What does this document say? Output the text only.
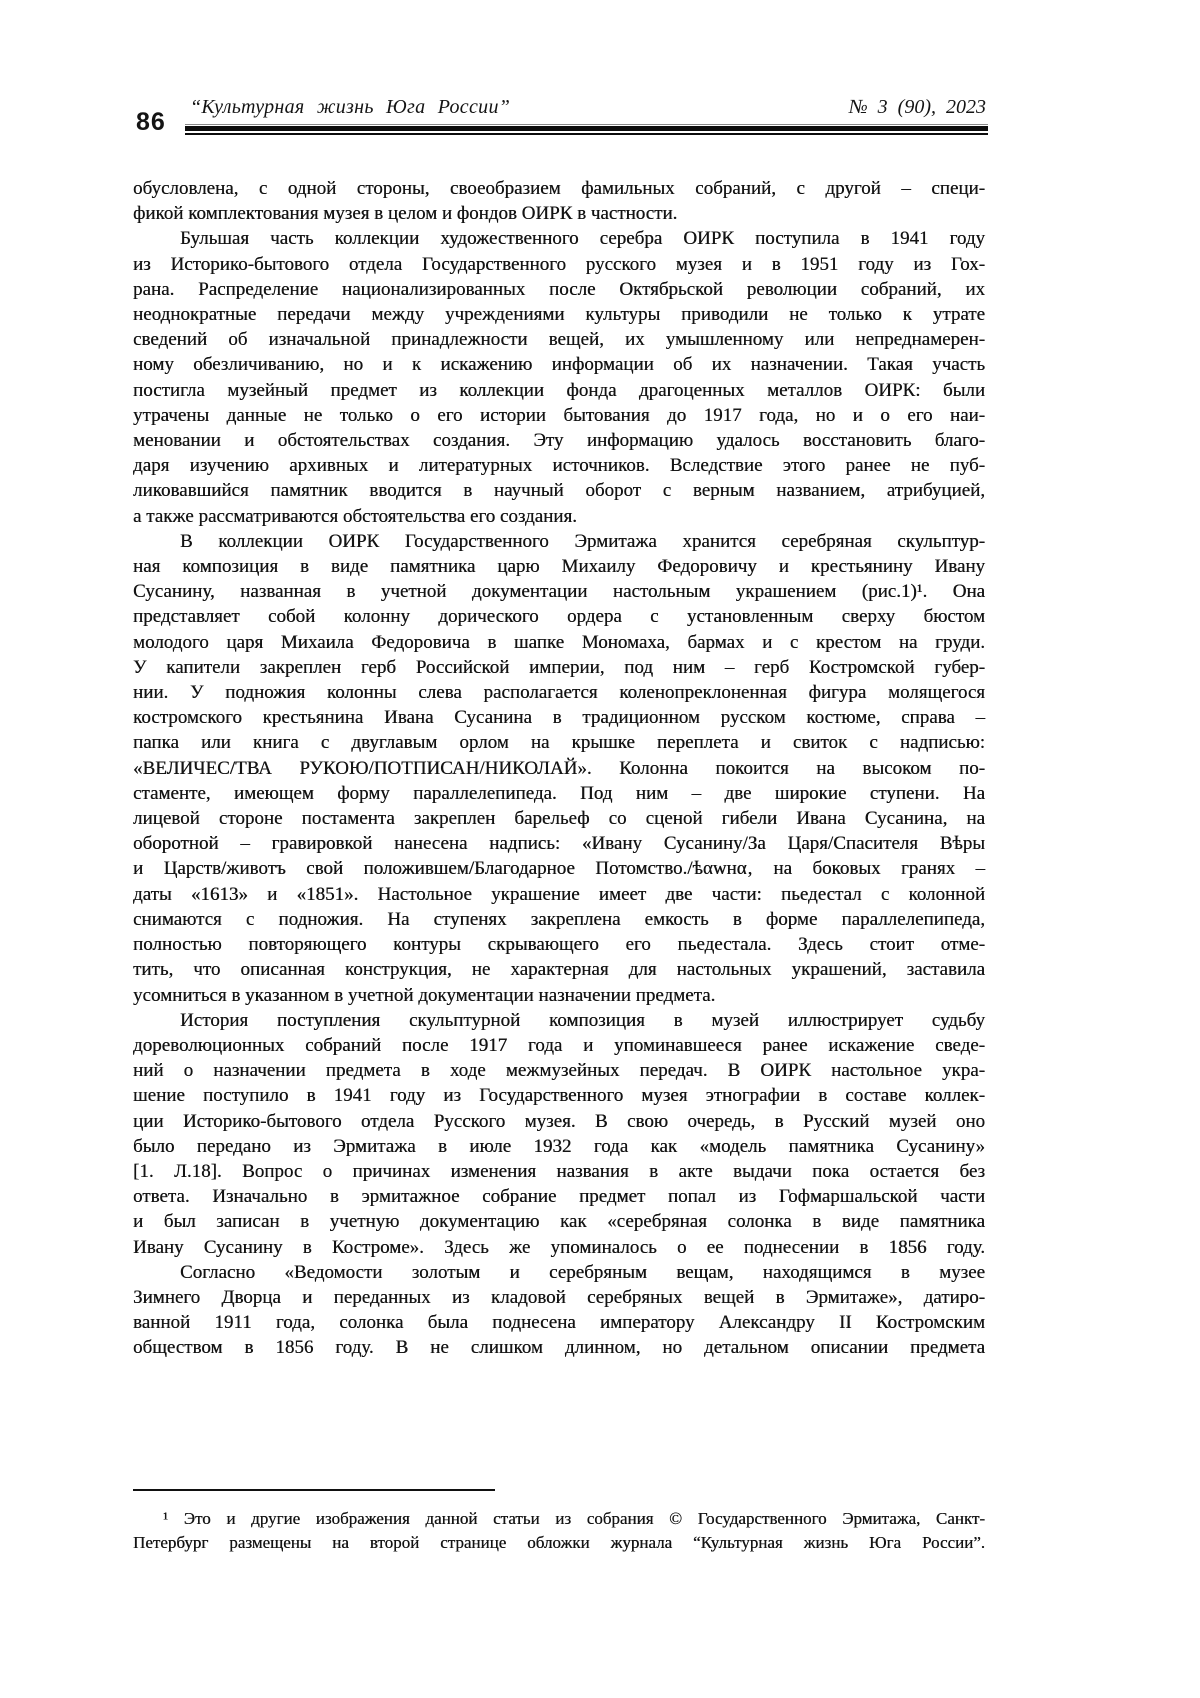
86
“Культурная жизнь Юга России”	№ 3 (90), 2023
обусловлена, с одной стороны, своеобразием фамильных собраний, с другой – специ-
фикой комплектования музея в целом и фондов ОИРК в частности.
Бульшая часть коллекции художественного серебра ОИРК поступила в 1941 году
из Историко-бытового отдела Государственного русского музея и в 1951 году из Гох-
рана. Распределение национализированных после Октябрьской революции собраний, их
неоднократные передачи между учреждениями культуры приводили не только к утрате
сведений об изначальной принадлежности вещей, их умышленному или непреднамерен-
ному обезличиванию, но и к искажению информации об их назначении. Такая участь
постигла музейный предмет из коллекции фонда драгоценных металлов ОИРК: были
утрачены данные не только о его истории бытования до 1917 года, но и о его наи-
меновании и обстоятельствах создания. Эту информацию удалось восстановить благо-
даря изучению архивных и литературных источников. Вследствие этого ранее не пуб-
ликовавшийся памятник вводится в научный оборот с верным названием, атрибуцией,
а также рассматриваются обстоятельства его создания.
В коллекции ОИРК Государственного Эрмитажа хранится серебряная скульптур-
ная композиция в виде памятника царю Михаилу Федоровичу и крестьянину Ивану
Сусанину, названная в учетной документации настольным украшением (рис.1)¹. Она
представляет собой колонну дорического ордера с установленным сверху бюстом
молодого царя Михаила Федоровича в шапке Мономаха, бармах и с крестом на груди.
У капители закреплен герб Российской империи, под ним – герб Костромской губер-
нии. У подножия колонны слева располагается коленопреклоненная фигура молящегося
костромского крестьянина Ивана Сусанина в традиционном русском костюме, справа –
папка или книга с двуглавым орлом на крышке переплета и свиток с надписью:
«ВЕЛИЧЕС/ТВА РУКОЮ/ПОТПИСАН/НИКОЛАЙ». Колонна покоится на высоком по-
стаменте, имеющем форму параллелепипеда. Под ним – две широкие ступени. На
лицевой стороне постамента закреплен барельеф со сценой гибели Ивана Сусанина, на
оборотной – гравировкой нанесена надпись: «Ивану Сусанину/За Царя/Спасителя Вѣры
и Царств/животъ свой положившем/Благодарное Потомство./ѣαwнα‚ на боковых гранях –
даты «1613» и «1851». Настольное украшение имеет две части: пьедестал с колонной
снимаются с подножия. На ступенях закреплена емкость в форме параллелепипеда,
полностью повторяющего контуры скрывающего его пьедестала. Здесь стоит отме-
тить, что описанная конструкция, не характерная для настольных украшений, заставила
усомниться в указанном в учетной документации назначении предмета.
История поступления скульптурной композиция в музей иллюстрирует судьбу
дореволюционных собраний после 1917 года и упоминавшееся ранее искажение сведе-
ний о назначении предмета в ходе межмузейных передач. В ОИРК настольное укра-
шение поступило в 1941 году из Государственного музея этнографии в составе коллек-
ции Историко-бытового отдела Русского музея. В свою очередь, в Русский музей оно
было передано из Эрмитажа в июле 1932 года как «модель памятника Сусанину»
[1. Л.18]. Вопрос о причинах изменения названия в акте выдачи пока остается без
ответа. Изначально в эрмитажное собрание предмет попал из Гофмаршальской части
и был записан в учетную документацию как «серебряная солонка в виде памятника
Ивану Сусанину в Костроме». Здесь же упоминалось о ее поднесении в 1856 году.
Согласно «Ведомости золотым и серебряным вещам, находящимся в музее
Зимнего Дворца и переданных из кладовой серебряных вещей в Эрмитаже», датиро-
ванной 1911 года, солонка была поднесена императору Александру II Костромским
обществом в 1856 году. В не слишком длинном, но детальном описании предмета
¹ Это и другие изображения данной статьи из собрания © Государственного Эрмитажа, Санкт-
Петербург размещены на второй странице обложки журнала “Культурная жизнь Юга России”.
